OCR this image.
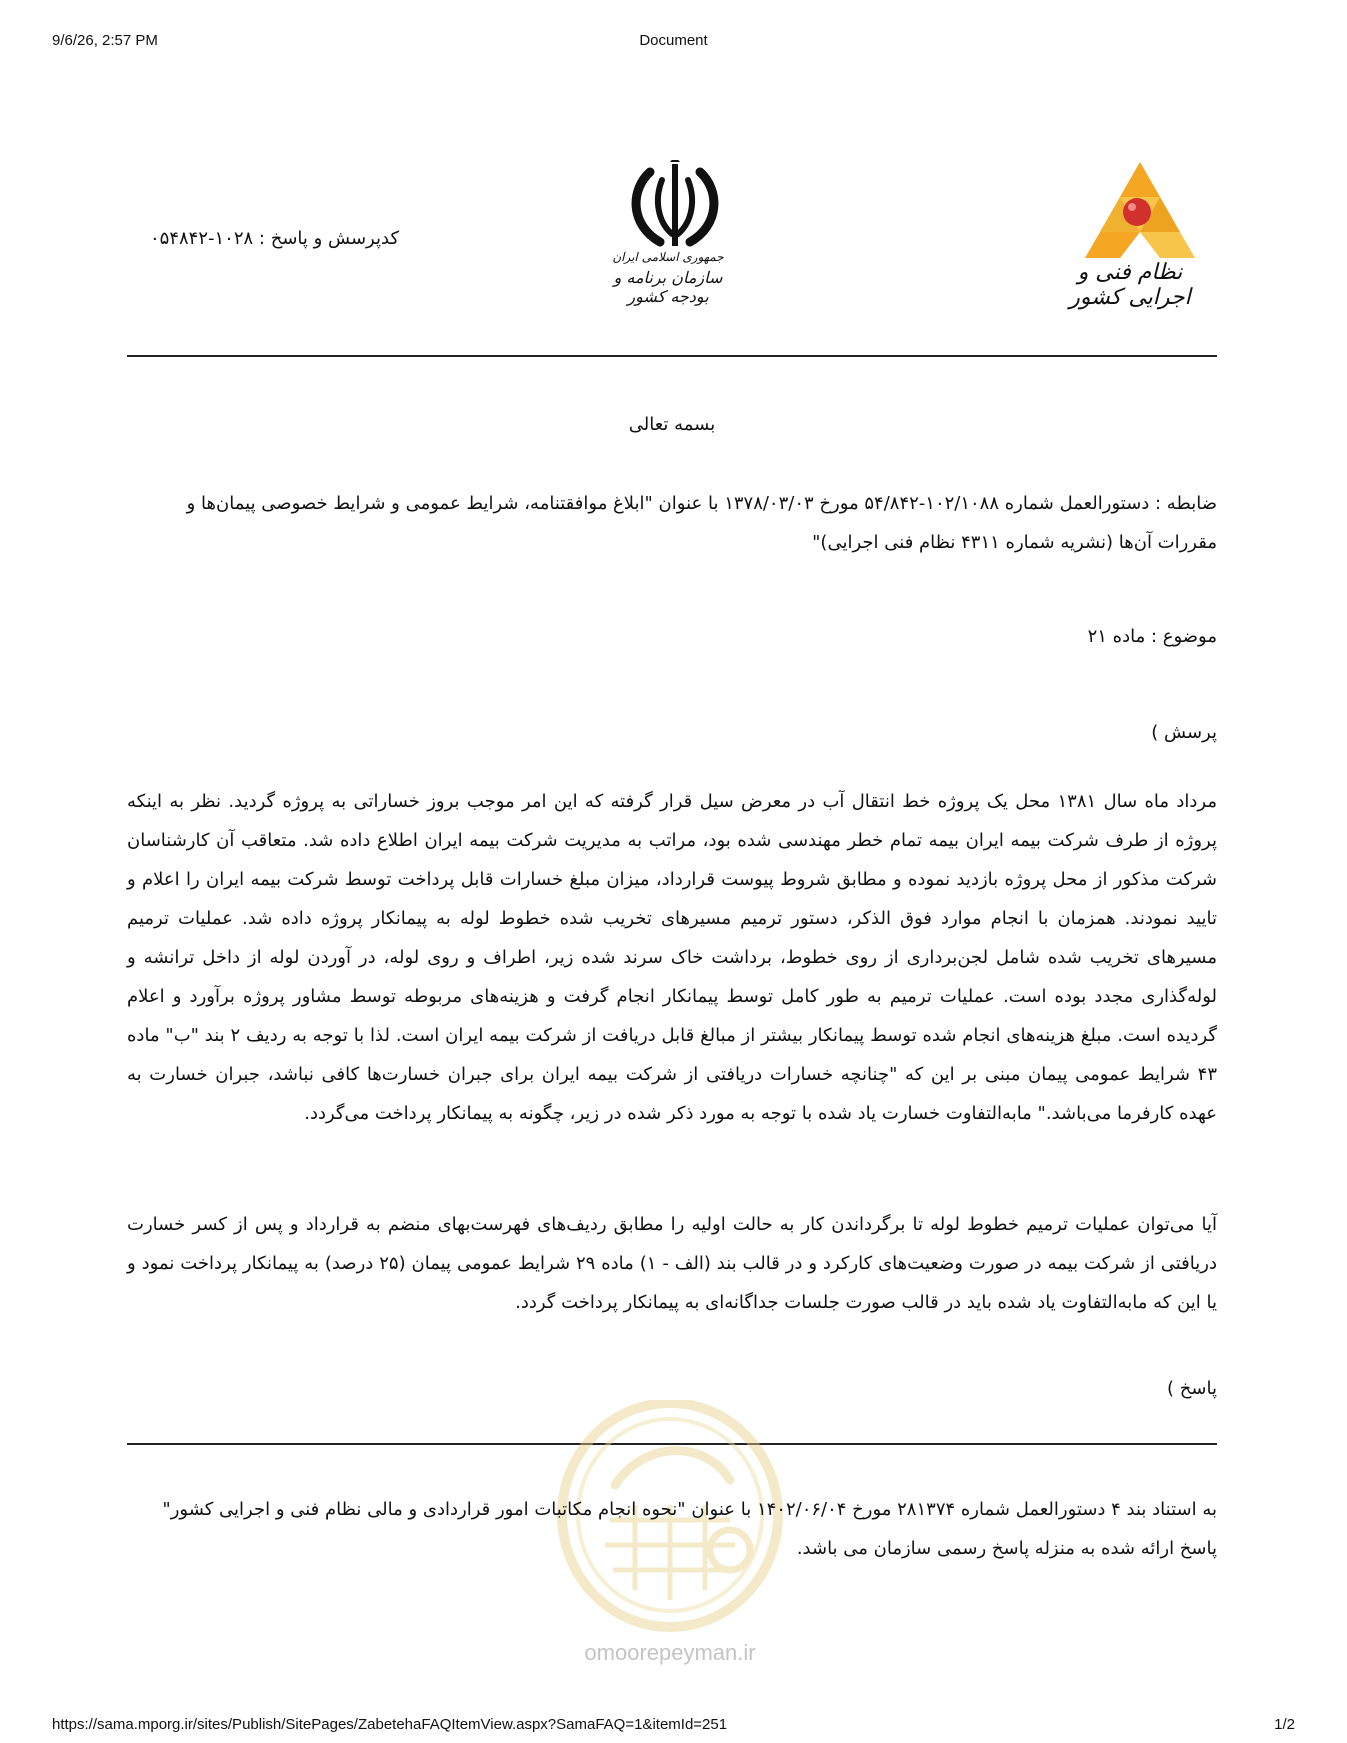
9/6/26, 2:57 PM	Document
کدپرسش و پاسخ : ۱۰۲۸-۰۵۴۸۴۲
جمهوری اسلامی ایران
سازمان برنامه و بودجه کشور
نظام فنی و اجرایی کشور
بسمه تعالی
ضابطه : دستورالعمل شماره ۱۰۲/۱۰۸۸-۵۴/۸۴۲ مورخ ۱۳۷۸/۰۳/۰۳ با عنوان "ابلاغ موافقتنامه، شرایط عمومی و شرایط خصوصی پیمان‌ها و مقررات آن‌ها (نشریه شماره ۴۳۱۱ نظام فنی اجرایی)"
موضوع : ماده ۲۱
پرسش )
مرداد ماه سال ۱۳۸۱ محل یک پروژه خط انتقال آب در معرض سیل قرار گرفته که این امر موجب بروز خساراتی به پروژه گردید. نظر به اینکه پروژه از طرف شرکت بیمه ایران بیمه تمام خطر مهندسی شده بود، مراتب به مدیریت شرکت بیمه ایران اطلاع داده شد. متعاقب آن کارشناسان شرکت مذکور از محل پروژه بازدید نموده و مطابق شروط پیوست قرارداد، میزان مبلغ خسارات قابل پرداخت توسط شرکت بیمه ایران را اعلام و تایید نمودند. همزمان با انجام موارد فوق الذکر، دستور ترمیم مسیرهای تخریب شده خطوط لوله به پیمانکار پروژه داده شد. عملیات ترمیم مسیرهای تخریب شده شامل لجن‌برداری از روی خطوط، برداشت خاک سرند شده زیر، اطراف و روی لوله، در آوردن لوله از داخل ترانشه و لوله‌گذاری مجدد بوده است. عملیات ترمیم به طور کامل توسط پیمانکار انجام گرفت و هزینه‌های مربوطه توسط مشاور پروژه برآورد و اعلام گردیده است. مبلغ هزینه‌های انجام شده توسط پیمانکار بیشتر از مبالغ قابل دریافت از شرکت بیمه ایران است. لذا با توجه به ردیف ۲ بند "ب" ماده ۴۳ شرایط عمومی پیمان مبنی بر این که "چنانچه خسارات دریافتی از شرکت بیمه ایران برای جبران خسارت‌ها کافی نباشد، جبران خسارت به عهده کارفرما می‌باشد." مابه‌التفاوت خسارت یاد شده با توجه به مورد ذکر شده در زیر، چگونه به پیمانکار پرداخت می‌گردد.
آیا می‌توان عملیات ترمیم خطوط لوله تا برگرداندن کار به حالت اولیه را مطابق ردیف‌های فهرست‌بهای منضم به قرارداد و پس از کسر خسارت دریافتی از شرکت بیمه در صورت وضعیت‌های کارکرد و در قالب بند (الف - ۱) ماده ۲۹ شرایط عمومی پیمان (۲۵ درصد) به پیمانکار پرداخت نمود و یا این که مابه‌التفاوت یاد شده باید در قالب صورت جلسات جداگانه‌ای به پیمانکار پرداخت گردد.
پاسخ )
omoorepeyman.ir
به استناد بند ۴ دستورالعمل شماره ۲۸۱۳۷۴ مورخ ۱۴۰۲/۰۶/۰۴ با عنوان "نحوه انجام مکاتبات امور قراردادی و مالی نظام فنی و اجرایی کشور" پاسخ ارائه شده به منزله پاسخ رسمی سازمان می باشد.
https://sama.mporg.ir/sites/Publish/SitePages/ZabetehaFAQItemView.aspx?SamaFAQ=1&itemId=251	1/2
